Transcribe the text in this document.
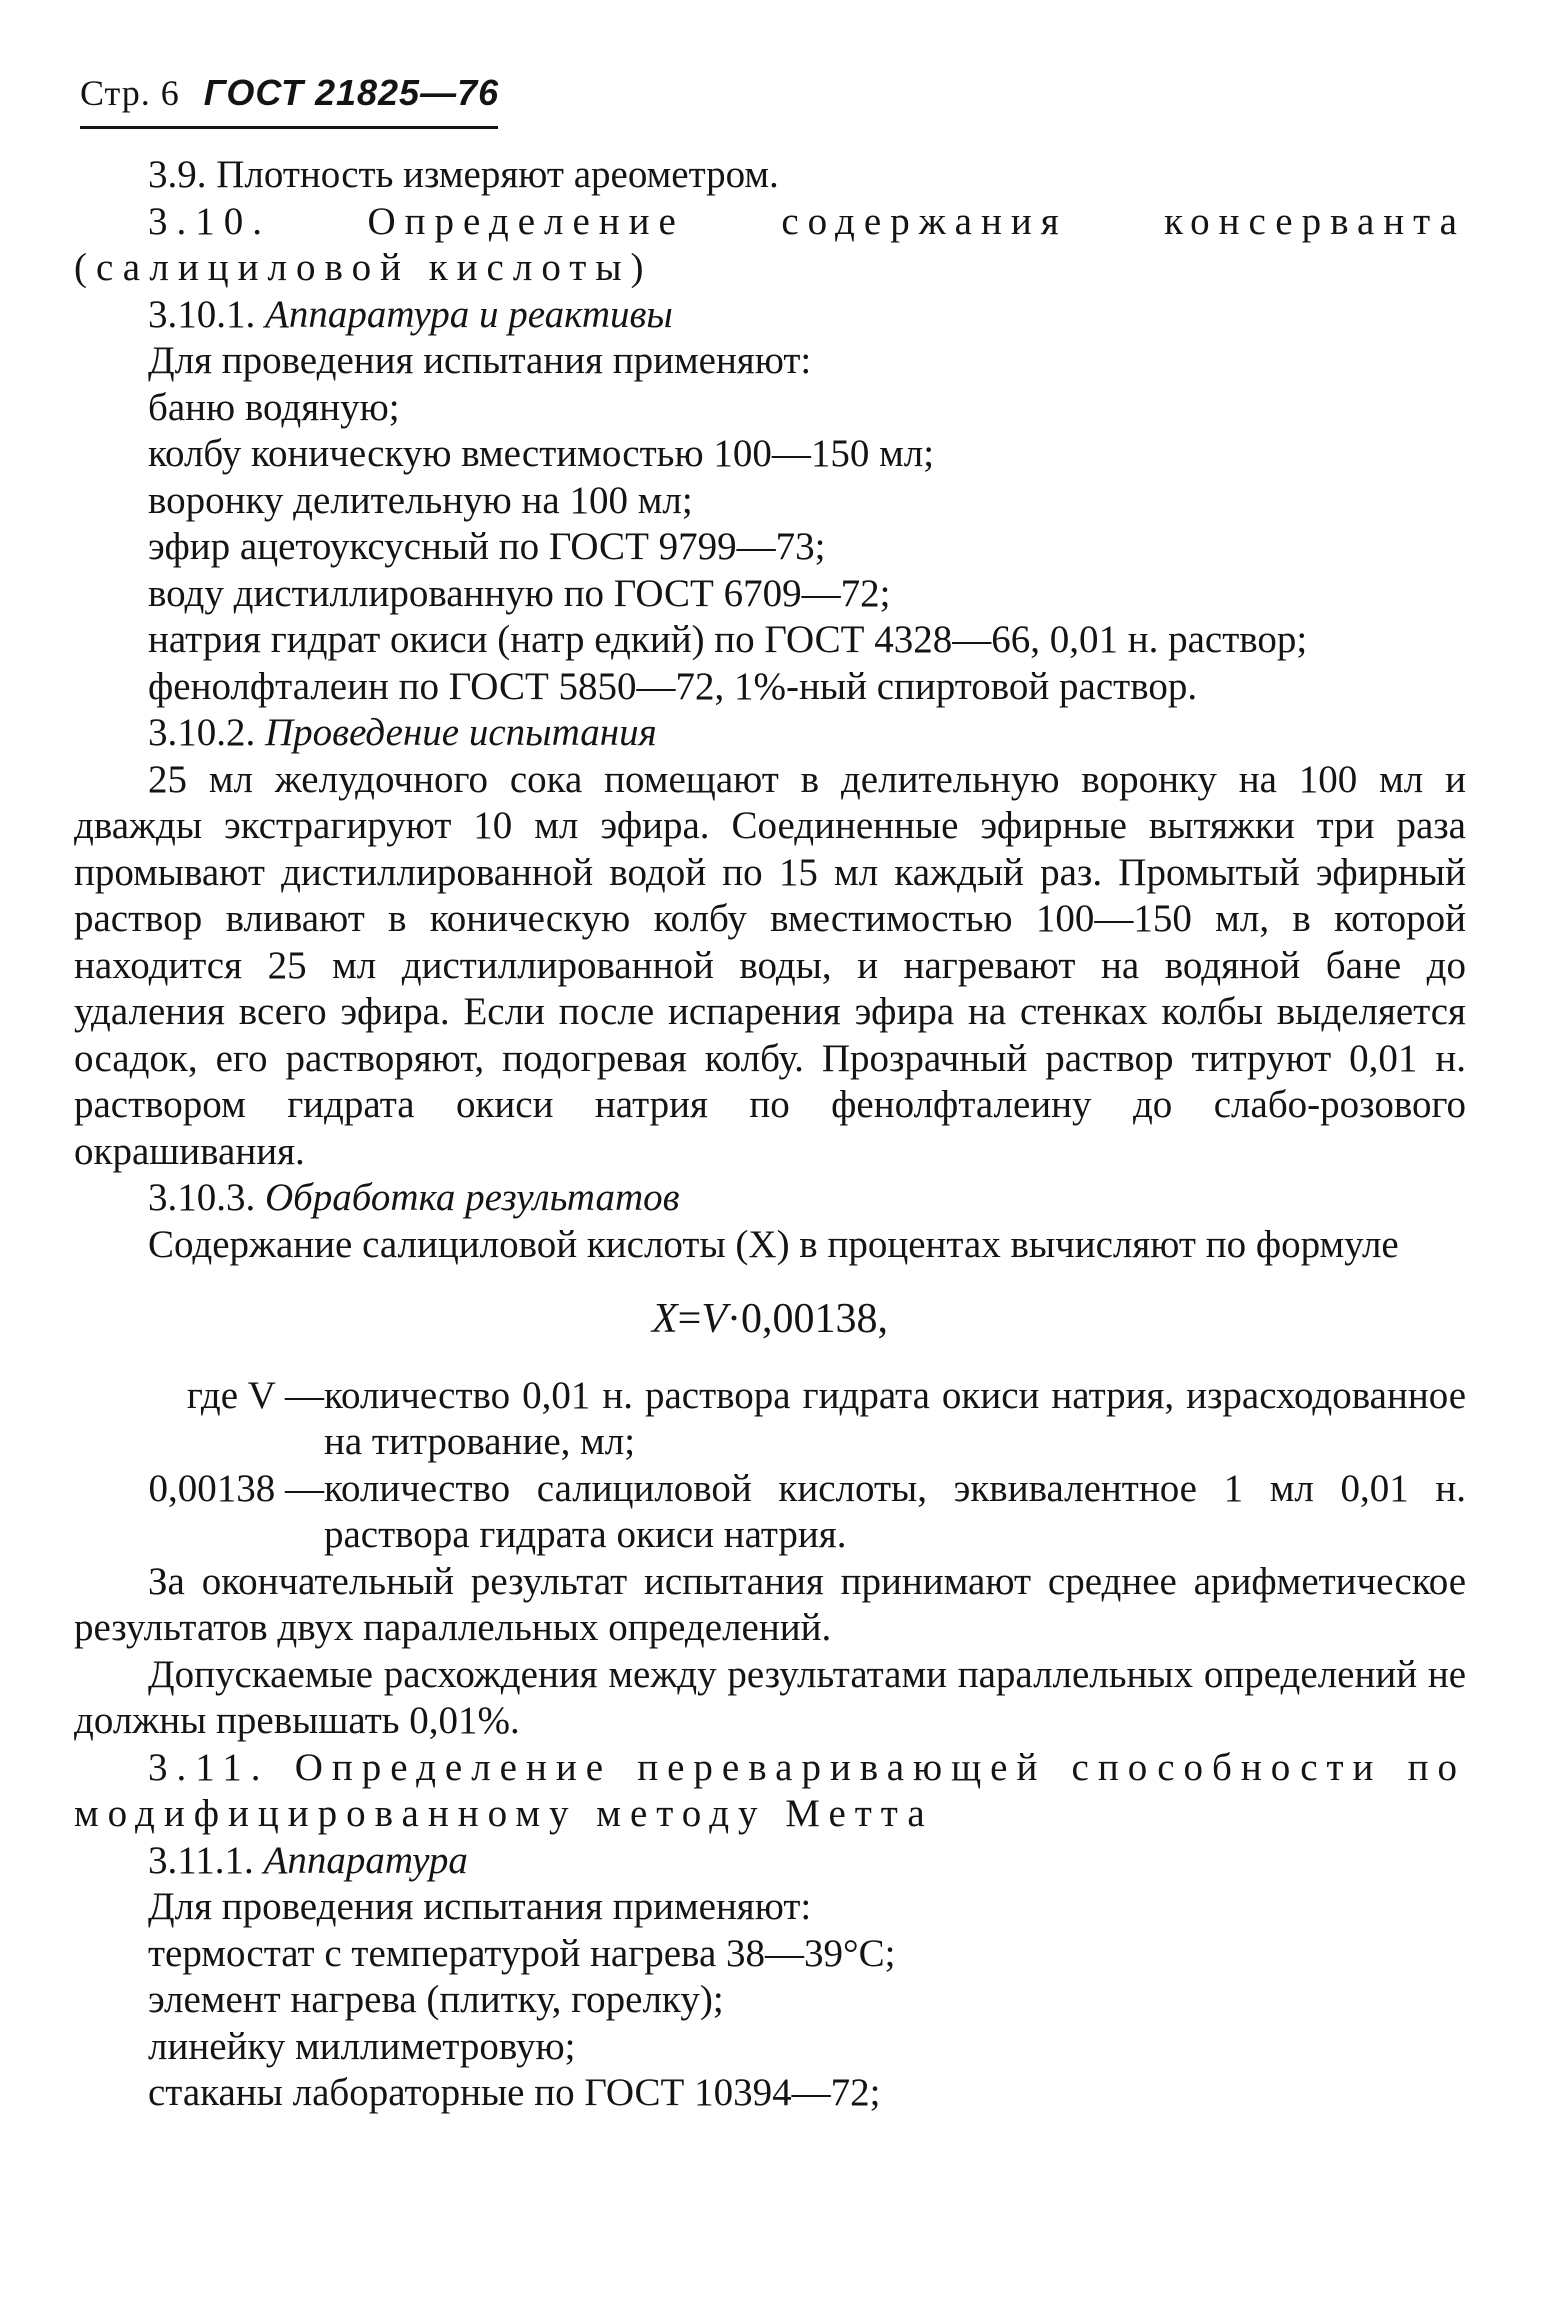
Стр. 6 ГОСТ 21825—76

3.9. Плотность измеряют ареометром.

3.10. Определение содержания консерванта (салициловой кислоты)

3.10.1. Аппаратура и реактивы

Для проведения испытания применяют:

баню водяную;

колбу коническую вместимостью 100—150 мл;

воронку делительную на 100 мл;

эфир ацетоуксусный по ГОСТ 9799—73;

воду дистиллированную по ГОСТ 6709—72;

натрия гидрат окиси (натр едкий) по ГОСТ 4328—66, 0,01 н. раствор;

фенолфталеин по ГОСТ 5850—72, 1%-ный спиртовой раствор.

3.10.2. Проведение испытания

25 мл желудочного сока помещают в делительную воронку на 100 мл и дважды экстрагируют 10 мл эфира. Соединенные эфирные вытяжки три раза промывают дистиллированной водой по 15 мл каждый раз. Промытый эфирный раствор вливают в коническую колбу вместимостью 100—150 мл, в которой находится 25 мл дистиллированной воды, и нагревают на водяной бане до удаления всего эфира. Если после испарения эфира на стенках колбы выделяется осадок, его растворяют, подогревая колбу. Прозрачный раствор титруют 0,01 н. раствором гидрата окиси натрия по фенолфталеину до слабо-розового окрашивания.

3.10.3. Обработка результатов

Содержание салициловой кислоты (X) в процентах вычисляют по формуле

X=V·0,00138,

где V — количество 0,01 н. раствора гидрата окиси натрия, израсходованное на титрование, мл;
0,00138 — количество салициловой кислоты, эквивалентное 1 мл 0,01 н. раствора гидрата окиси натрия.

За окончательный результат испытания принимают среднее арифметическое результатов двух параллельных определений.

Допускаемые расхождения между результатами параллельных определений не должны превышать 0,01%.

3.11. Определение переваривающей способности по модифицированному методу Метта

3.11.1. Аппаратура

Для проведения испытания применяют:

термостат с температурой нагрева 38—39°С;

элемент нагрева (плитку, горелку);

линейку миллиметровую;

стаканы лабораторные по ГОСТ 10394—72;
